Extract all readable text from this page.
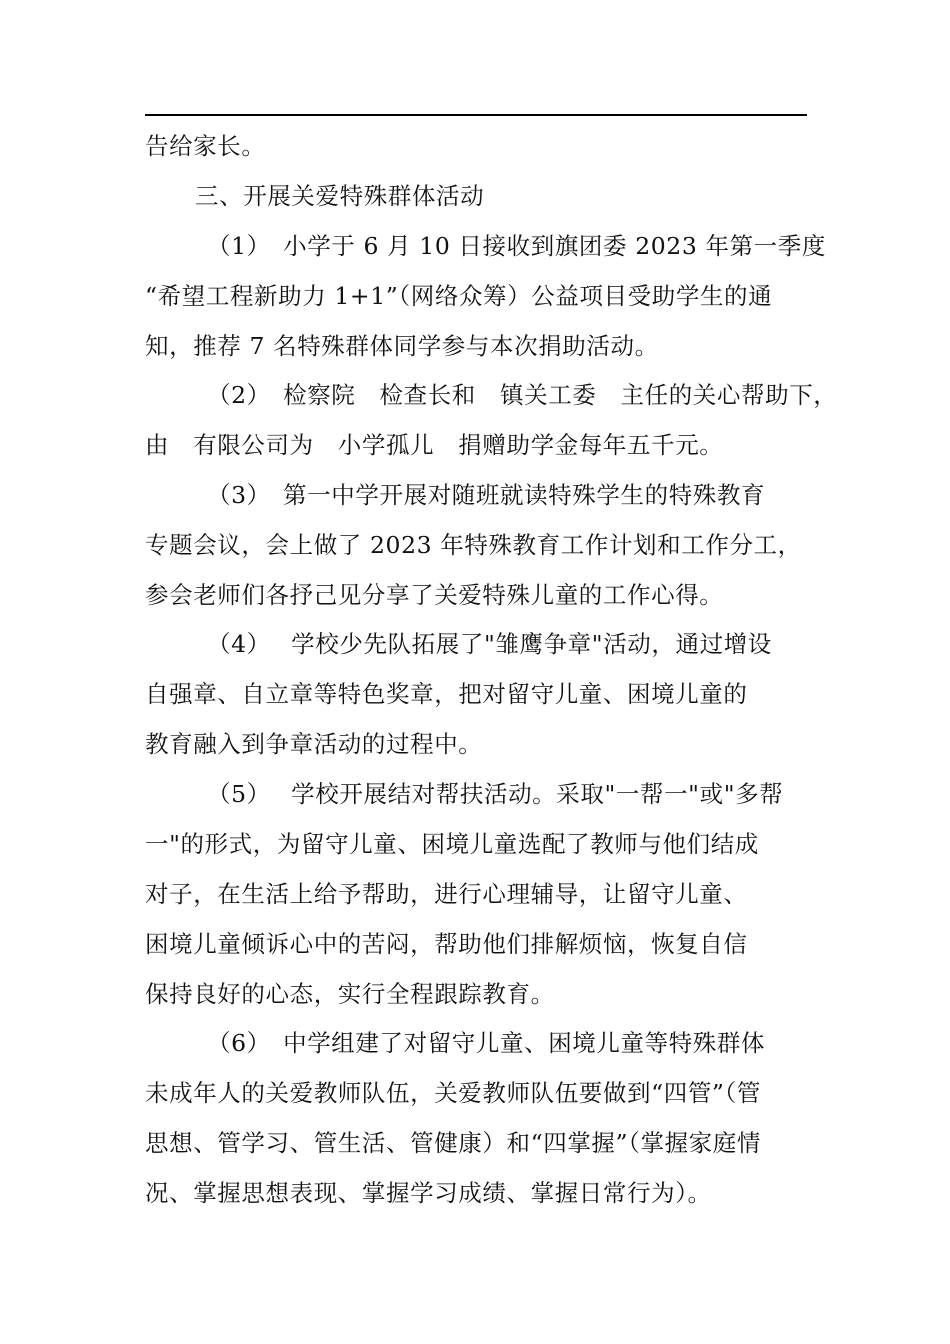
告给家长。
三、开展关爱特殊群体活动
（1）　小学于 6 月 10 日接收到旗团委 2023 年第一季度
“希望工程新助力 1+1”（网络众筹）公益项目受助学生的通
知，推荐 7 名特殊群体同学参与本次捐助活动。
（2）　检察院　检查长和　镇关工委　主任的关心帮助下，
由　有限公司为　小学孤儿　捐赠助学金每年五千元。
（3）　第一中学开展对随班就读特殊学生的特殊教育
专题会议，会上做了 2023 年特殊教育工作计划和工作分工，
参会老师们各抒己见分享了关爱特殊儿童的工作心得。
（4）　 学校少先队拓展了"雏鹰争章"活动，通过增设
自强章、自立章等特色奖章，把对留守儿童、困境儿童的
教育融入到争章活动的过程中。
（5）　 学校开展结对帮扶活动。采取"一帮一"或"多帮
一"的形式，为留守儿童、困境儿童选配了教师与他们结成
对子，在生活上给予帮助，进行心理辅导，让留守儿童、
困境儿童倾诉心中的苦闷，帮助他们排解烦恼，恢复自信
保持良好的心态，实行全程跟踪教育。
（6）　中学组建了对留守儿童、困境儿童等特殊群体
未成年人的关爱教师队伍，关爱教师队伍要做到“四管”（管
思想、管学习、管生活、管健康）和“四掌握”（掌握家庭情
况、掌握思想表现、掌握学习成绩、掌握日常行为）。
